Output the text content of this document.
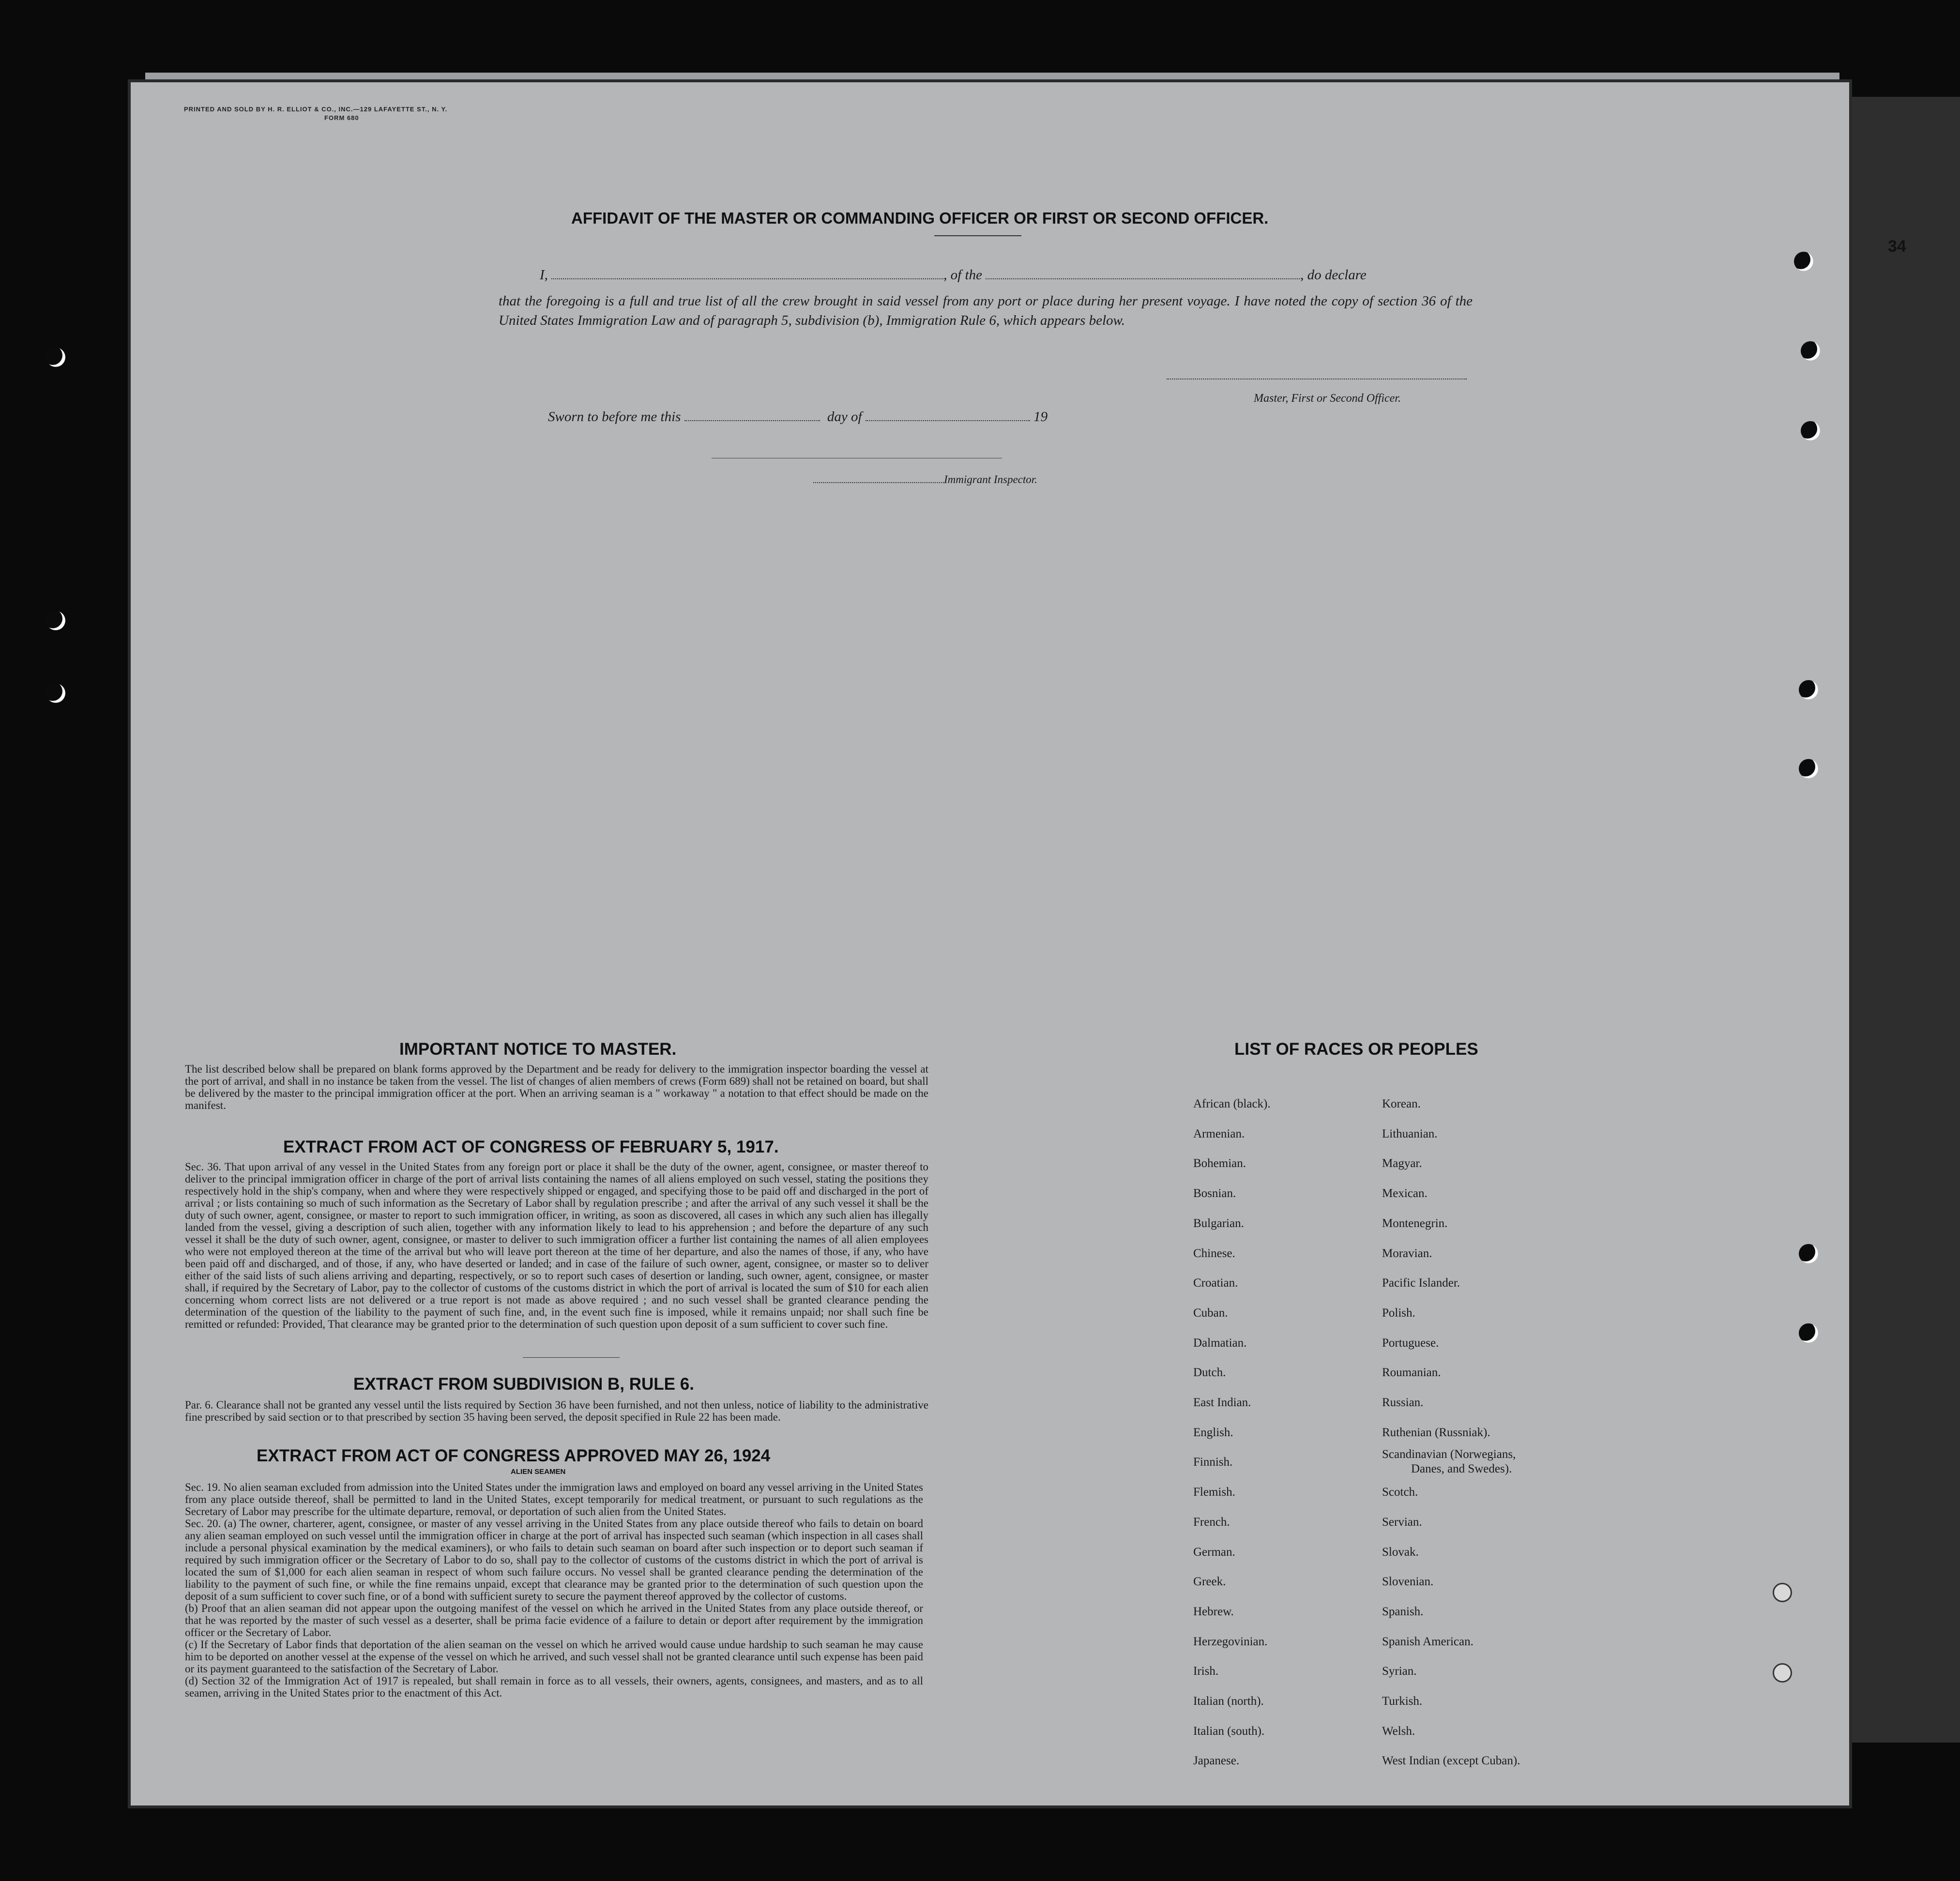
PRINTED AND SOLD BY H. R. ELLIOT & CO., INC.—129 LAFAYETTE ST., N. Y.
FORM 680
34
AFFIDAVIT OF THE MASTER OR COMMANDING OFFICER OR FIRST OR SECOND OFFICER.
I,	, of the	, do declare
that the foregoing is a full and true list of all the crew brought in said vessel from any port or place during her present voyage. I have noted the copy of section 36 of the United States Immigration Law and of paragraph 5, subdivision (b), Immigration Rule 6, which appears below.
Master, First or Second Officer.
Sworn to before me this	day of	19
Immigrant Inspector.
IMPORTANT NOTICE TO MASTER.
The list described below shall be prepared on blank forms approved by the Department and be ready for delivery to the immigration inspector boarding the vessel at the port of arrival, and shall in no instance be taken from the vessel. The list of changes of alien members of crews (Form 689) shall not be retained on board, but shall be delivered by the master to the principal immigration officer at the port. When an arriving seaman is a " workaway " a notation to that effect should be made on the manifest.
EXTRACT FROM ACT OF CONGRESS OF FEBRUARY 5, 1917.
Sec. 36. That upon arrival of any vessel in the United States from any foreign port or place it shall be the duty of the owner, agent, consignee, or master thereof to deliver to the principal immigration officer in charge of the port of arrival lists containing the names of all aliens employed on such vessel, stating the positions they respectively hold in the ship's company, when and where they were respectively shipped or engaged, and specifying those to be paid off and discharged in the port of arrival ; or lists containing so much of such information as the Secretary of Labor shall by regulation prescribe ; and after the arrival of any such vessel it shall be the duty of such owner, agent, consignee, or master to report to such immigration officer, in writing, as soon as discovered, all cases in which any such alien has illegally landed from the vessel, giving a description of such alien, together with any information likely to lead to his apprehension ; and before the departure of any such vessel it shall be the duty of such owner, agent, consignee, or master to deliver to such immigration officer a further list containing the names of all alien employees who were not employed thereon at the time of the arrival but who will leave port thereon at the time of her departure, and also the names of those, if any, who have been paid off and discharged, and of those, if any, who have deserted or landed; and in case of the failure of such owner, agent, consignee, or master so to deliver either of the said lists of such aliens arriving and departing, respectively, or so to report such cases of desertion or landing, such owner, agent, consignee, or master shall, if required by the Secretary of Labor, pay to the collector of customs of the customs district in which the port of arrival is located the sum of $10 for each alien concerning whom correct lists are not delivered or a true report is not made as above required ; and no such vessel shall be granted clearance pending the determination of the question of the liability to the payment of such fine, and, in the event such fine is imposed, while it remains unpaid; nor shall such fine be remitted or refunded: Provided, That clearance may be granted prior to the determination of such question upon deposit of a sum sufficient to cover such fine.
EXTRACT FROM SUBDIVISION B, RULE 6.
Par. 6. Clearance shall not be granted any vessel until the lists required by Section 36 have been furnished, and not then unless, notice of liability to the administrative fine prescribed by said section or to that prescribed by section 35 having been served, the deposit specified in Rule 22 has been made.
EXTRACT FROM ACT OF CONGRESS APPROVED MAY 26, 1924
ALIEN SEAMEN
Sec. 19. No alien seaman excluded from admission into the United States under the immigration laws and employed on board any vessel arriving in the United States from any place outside thereof, shall be permitted to land in the United States, except temporarily for medical treatment, or pursuant to such regulations as the Secretary of Labor may prescribe for the ultimate departure, removal, or deportation of such alien from the United States.
Sec. 20. (a) The owner, charterer, agent, consignee, or master of any vessel arriving in the United States from any place outside thereof who fails to detain on board any alien seaman employed on such vessel until the immigration officer in charge at the port of arrival has inspected such seaman (which inspection in all cases shall include a personal physical examination by the medical examiners), or who fails to detain such seaman on board after such inspection or to deport such seaman if required by such immigration officer or the Secretary of Labor to do so, shall pay to the collector of customs of the customs district in which the port of arrival is located the sum of $1,000 for each alien seaman in respect of whom such failure occurs. No vessel shall be granted clearance pending the determination of the liability to the payment of such fine, or while the fine remains unpaid, except that clearance may be granted prior to the determination of such question upon the deposit of a sum sufficient to cover such fine, or of a bond with sufficient surety to secure the payment thereof approved by the collector of customs.
(b) Proof that an alien seaman did not appear upon the outgoing manifest of the vessel on which he arrived in the United States from any place outside thereof, or that he was reported by the master of such vessel as a deserter, shall be prima facie evidence of a failure to detain or deport after requirement by the immigration officer or the Secretary of Labor.
(c) If the Secretary of Labor finds that deportation of the alien seaman on the vessel on which he arrived would cause undue hardship to such seaman he may cause him to be deported on another vessel at the expense of the vessel on which he arrived, and such vessel shall not be granted clearance until such expense has been paid or its payment guaranteed to the satisfaction of the Secretary of Labor.
(d) Section 32 of the Immigration Act of 1917 is repealed, but shall remain in force as to all vessels, their owners, agents, consignees, and masters, and as to all seamen, arriving in the United States prior to the enactment of this Act.
LIST OF RACES OR PEOPLES
African (black).
Armenian.
Bohemian.
Bosnian.
Bulgarian.
Chinese.
Croatian.
Cuban.
Dalmatian.
Dutch.
East Indian.
English.
Finnish.
Flemish.
French.
German.
Greek.
Hebrew.
Herzegovinian.
Irish.
Italian (north).
Italian (south).
Japanese.
Korean.
Lithuanian.
Magyar.
Mexican.
Montenegrin.
Moravian.
Pacific Islander.
Polish.
Portuguese.
Roumanian.
Russian.
Ruthenian (Russniak).
Scandinavian (Norwegians,
Danes, and Swedes).
Scotch.
Servian.
Slovak.
Slovenian.
Spanish.
Spanish American.
Syrian.
Turkish.
Welsh.
West Indian (except Cuban).
